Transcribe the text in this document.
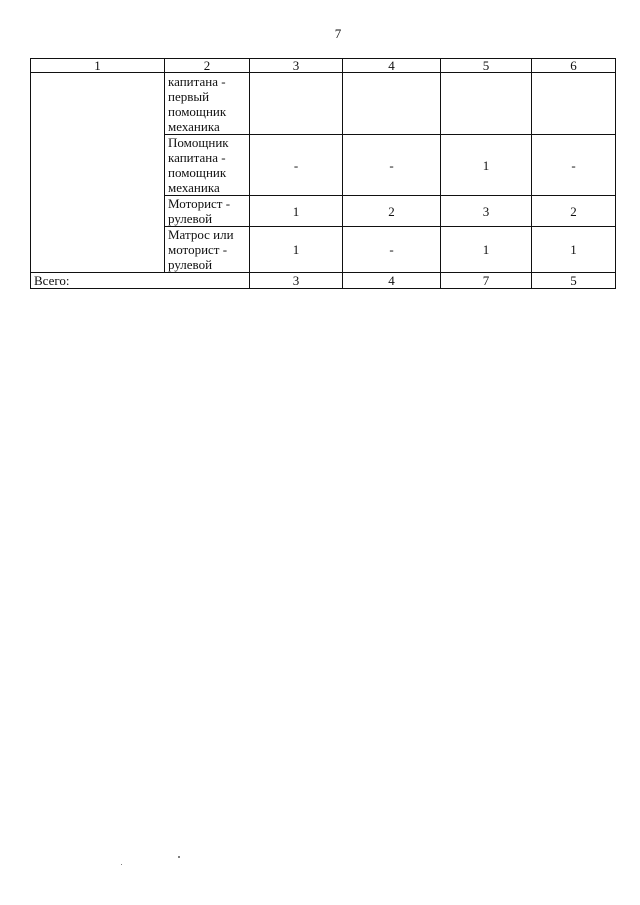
7
1	2	3	4	5	6
	капитана - первый помощник механика				
	Помощник капитана - помощник механика	-	-	1	-
	Моторист - рулевой	1	2	3	2
	Матрос или моторист - рулевой	1	-	1	1
Всего:		3	4	7	5
